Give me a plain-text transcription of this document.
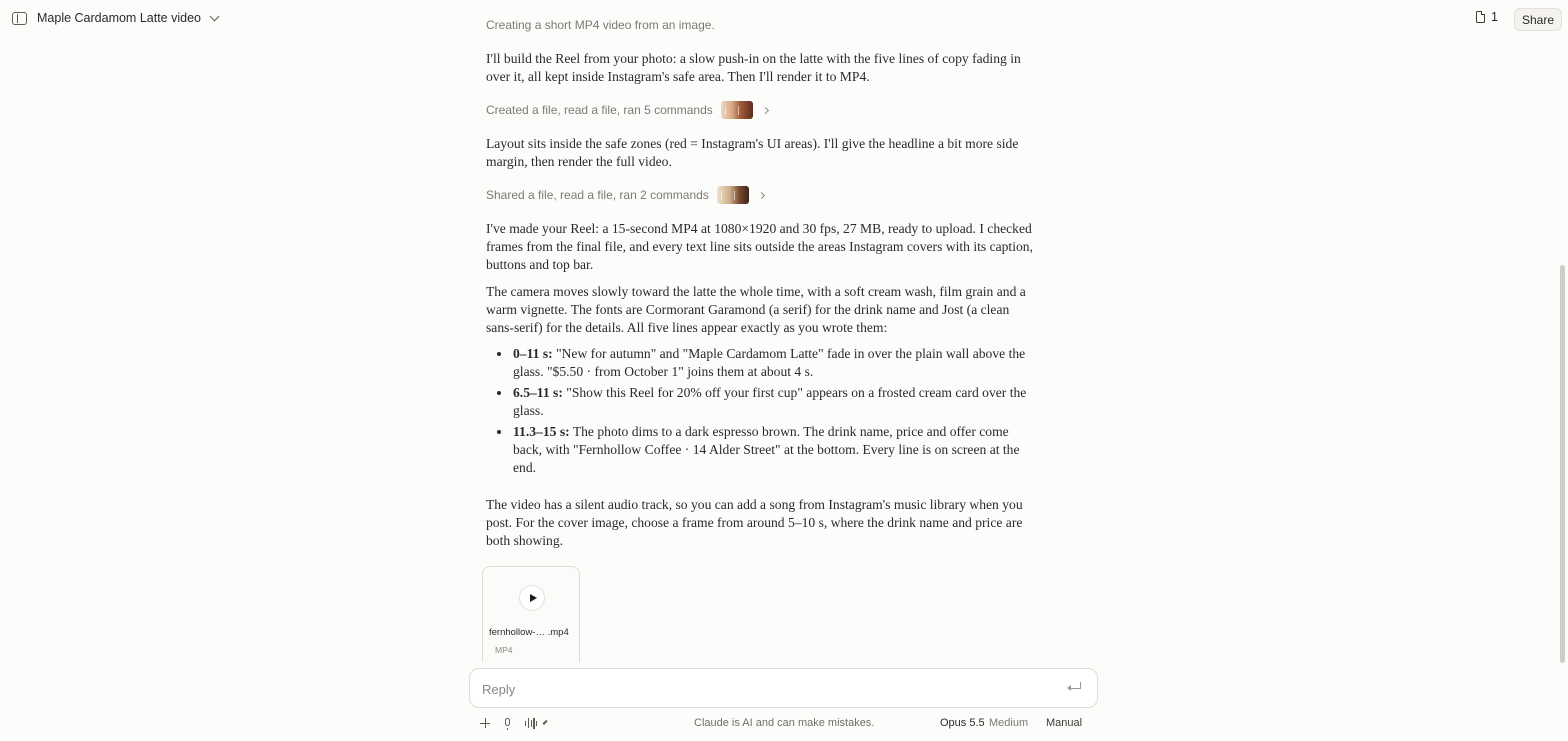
Maple Cardamom Latte video	1	Share
Creating a short MP4 video from an image.

I'll build the Reel from your photo: a slow push-in on the latte with the five lines of copy fading in over it, all kept inside Instagram's safe area. Then I'll render it to MP4.

Created a file, read a file, ran 5 commands

Layout sits inside the safe zones (red = Instagram's UI areas). I'll give the headline a bit more side margin, then render the full video.

Shared a file, read a file, ran 2 commands

I've made your Reel: a 15-second MP4 at 1080×1920 and 30 fps, 27 MB, ready to upload. I checked frames from the final file, and every text line sits outside the areas Instagram covers with its caption, buttons and top bar.

The camera moves slowly toward the latte the whole time, with a soft cream wash, film grain and a warm vignette. The fonts are Cormorant Garamond (a serif) for the drink name and Jost (a clean sans-serif) for the details. All five lines appear exactly as you wrote them:

0–11 s: "New for autumn" and "Maple Cardamom Latte" fade in over the plain wall above the glass. "$5.50 · from October 1" joins them at about 4 s.
6.5–11 s: "Show this Reel for 20% off your first cup" appears on a frosted cream card over the glass.
11.3–15 s: The photo dims to a dark espresso brown. The drink name, price and offer come back, with "Fernhollow Coffee · 14 Alder Street" at the bottom. Every line is on screen at the end.

The video has a silent audio track, so you can add a song from Instagram's music library when you post. For the cover image, choose a frame from around 5–10 s, where the drink name and price are both showing.

fernhollow-… .mp4
MP4
Reply
Claude is AI and can make mistakes.	Opus 5.5 Medium Manual
